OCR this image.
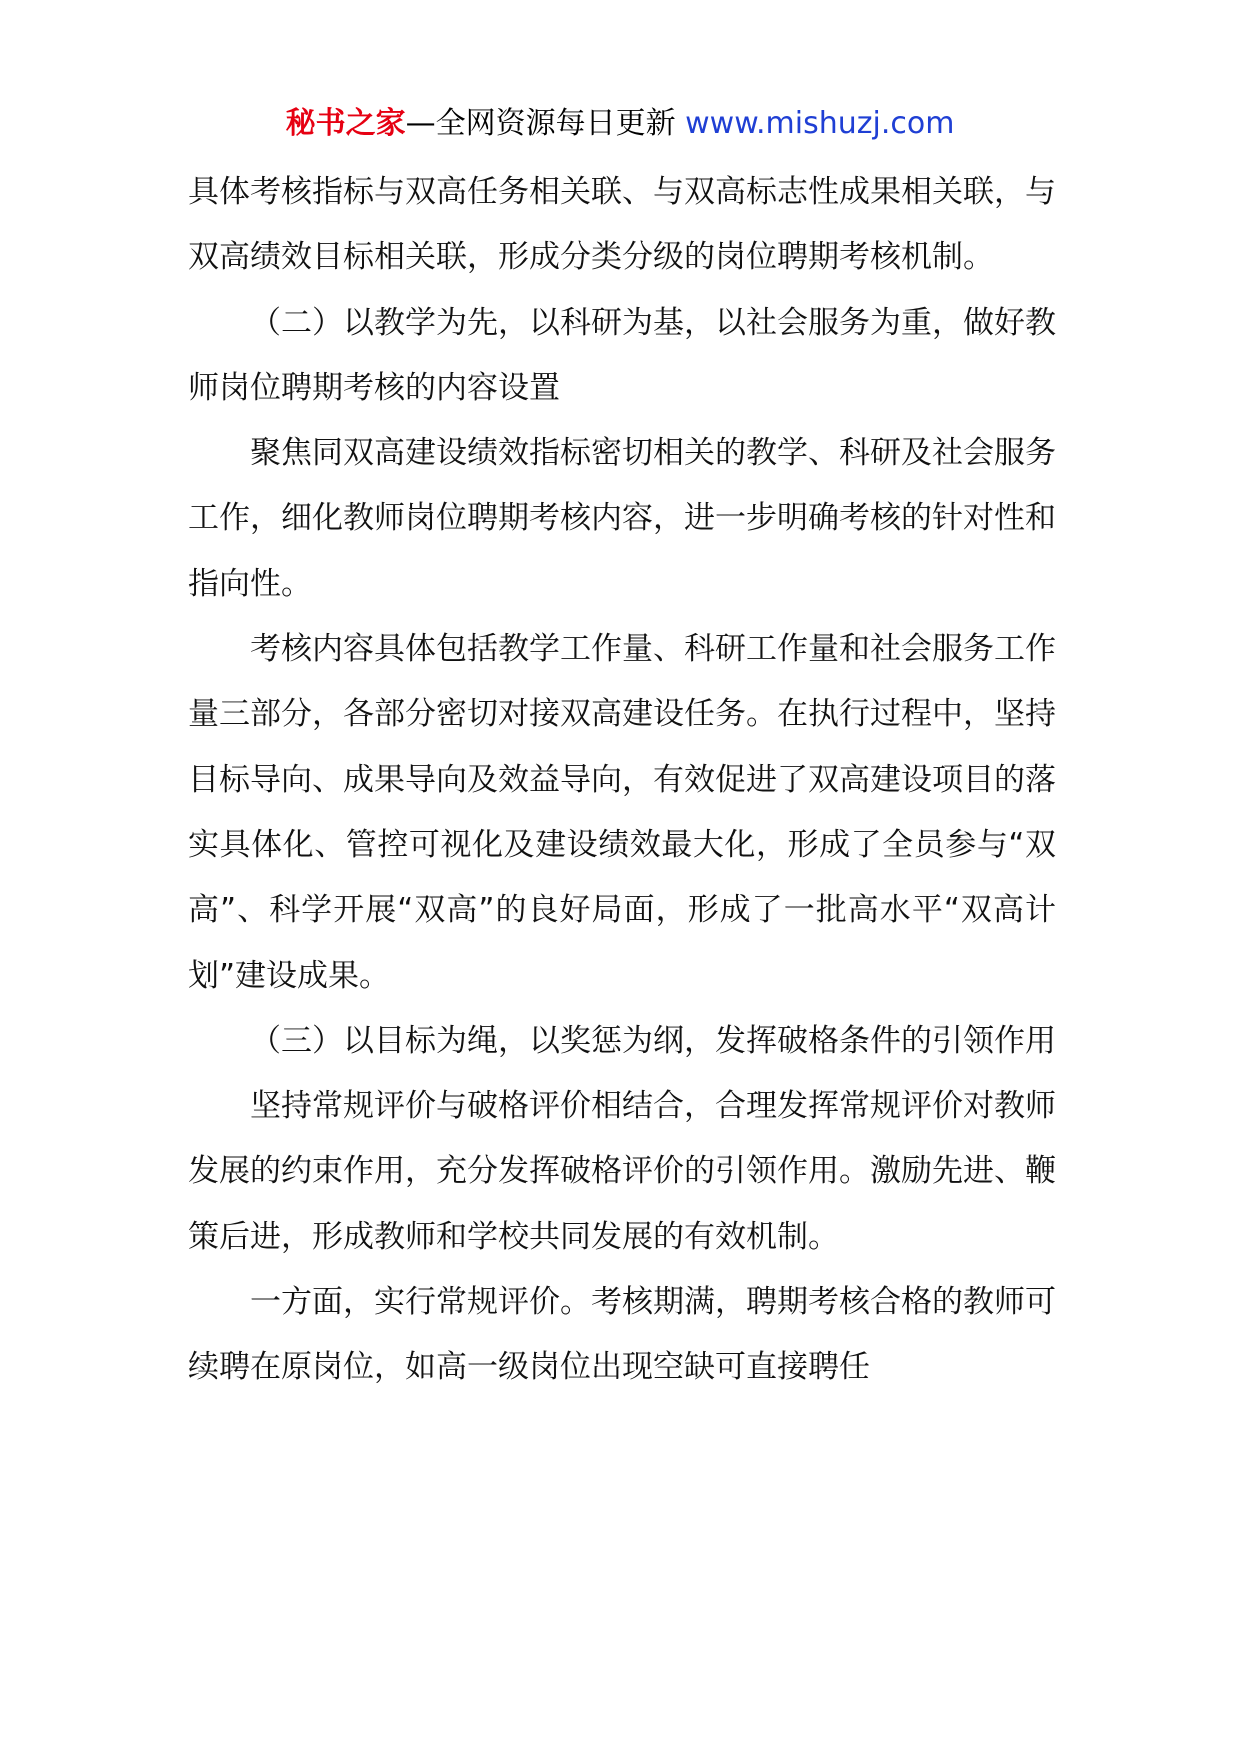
秘书之家—全网资源每日更新 www.mishuzj.com

具体考核指标与双高任务相关联、与双高标志性成果相关联，与双高绩效目标相关联，形成分类分级的岗位聘期考核机制。

（二）以教学为先，以科研为基，以社会服务为重，做好教师岗位聘期考核的内容设置

聚焦同双高建设绩效指标密切相关的教学、科研及社会服务工作，细化教师岗位聘期考核内容，进一步明确考核的针对性和指向性。

考核内容具体包括教学工作量、科研工作量和社会服务工作量三部分，各部分密切对接双高建设任务。在执行过程中，坚持目标导向、成果导向及效益导向，有效促进了双高建设项目的落实具体化、管控可视化及建设绩效最大化，形成了全员参与“双高”、科学开展“双高”的良好局面，形成了一批高水平“双高计划”建设成果。

（三）以目标为绳，以奖惩为纲，发挥破格条件的引领作用

坚持常规评价与破格评价相结合，合理发挥常规评价对教师发展的约束作用，充分发挥破格评价的引领作用。激励先进、鞭策后进，形成教师和学校共同发展的有效机制。

一方面，实行常规评价。考核期满，聘期考核合格的教师可续聘在原岗位，如高一级岗位出现空缺可直接聘任
